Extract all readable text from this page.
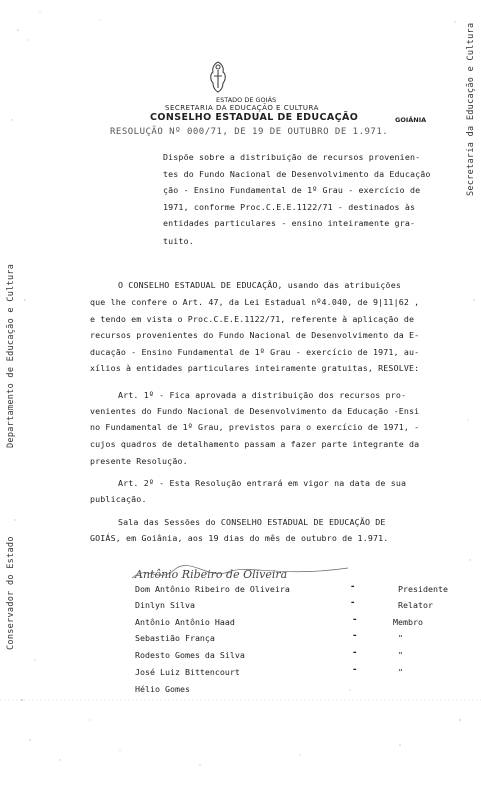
Departamento de Educação e Cultura
Conservador do Estado
Secretaria da Educação e Cultura
ESTADO DE GOIÁS
SECRETARIA DA EDUCAÇÃO E CULTURA
CONSELHO ESTADUAL DE EDUCAÇÃO	GOIÂNIA
RESOLUÇÃO Nº 000/71, DE 19 DE OUTUBRO DE 1.971.
Dispõe sobre a distribuição de recursos provenien-
tes do Fundo Nacional de Desenvolvimento da Educação
ção - Ensino Fundamental de 1º Grau - exercício de
1971, conforme Proc.C.E.E.1122/71 - destinados às
entidades particulares - ensino inteiramente gra-
tuito.
O CONSELHO ESTADUAL DE EDUCAÇÃO, usando das atribuições
que lhe confere o Art. 47, da Lei Estadual nº4.040, de 9|11|62 ,
e tendo em vista o Proc.C.E.E.1122/71, referente à aplicação de
recursos provenientes do Fundo Nacional de Desenvolvimento da E-
ducação - Ensino Fundamental de 1º Grau - exercício de 1971, au-
xílios à entidades particulares inteiramente gratuitas, RESOLVE:
Art. 1º - Fica aprovada a distribuição dos recursos pro-
venientes do Fundo Nacional de Desenvolvimento da Educação -Ensi
no Fundamental de 1º Grau, previstos para o exercício de 1971, -
cujos quadros de detalhamento passam a fazer parte integrante da
presente Resolução.
Art. 2º - Esta Resolução entrará em vigor na data de sua
publicação.
Sala das Sessões do CONSELHO ESTADUAL DE EDUCAÇÃO DE
GOIÁS, em Goiânia, aos 19 dias do mês de outubro de 1.971.
Antônio Ribeiro de Oliveira
Dom Antônio Ribeiro de Oliveira	-	Presidente
Dinlyn Silva	-	Relator
Antônio Antônio Haad	-	Membro
Sebastião França	-	"
Rodesto Gomes da Silva	-	"
José Luiz Bittencourt	-	"
Hélio Gomes
